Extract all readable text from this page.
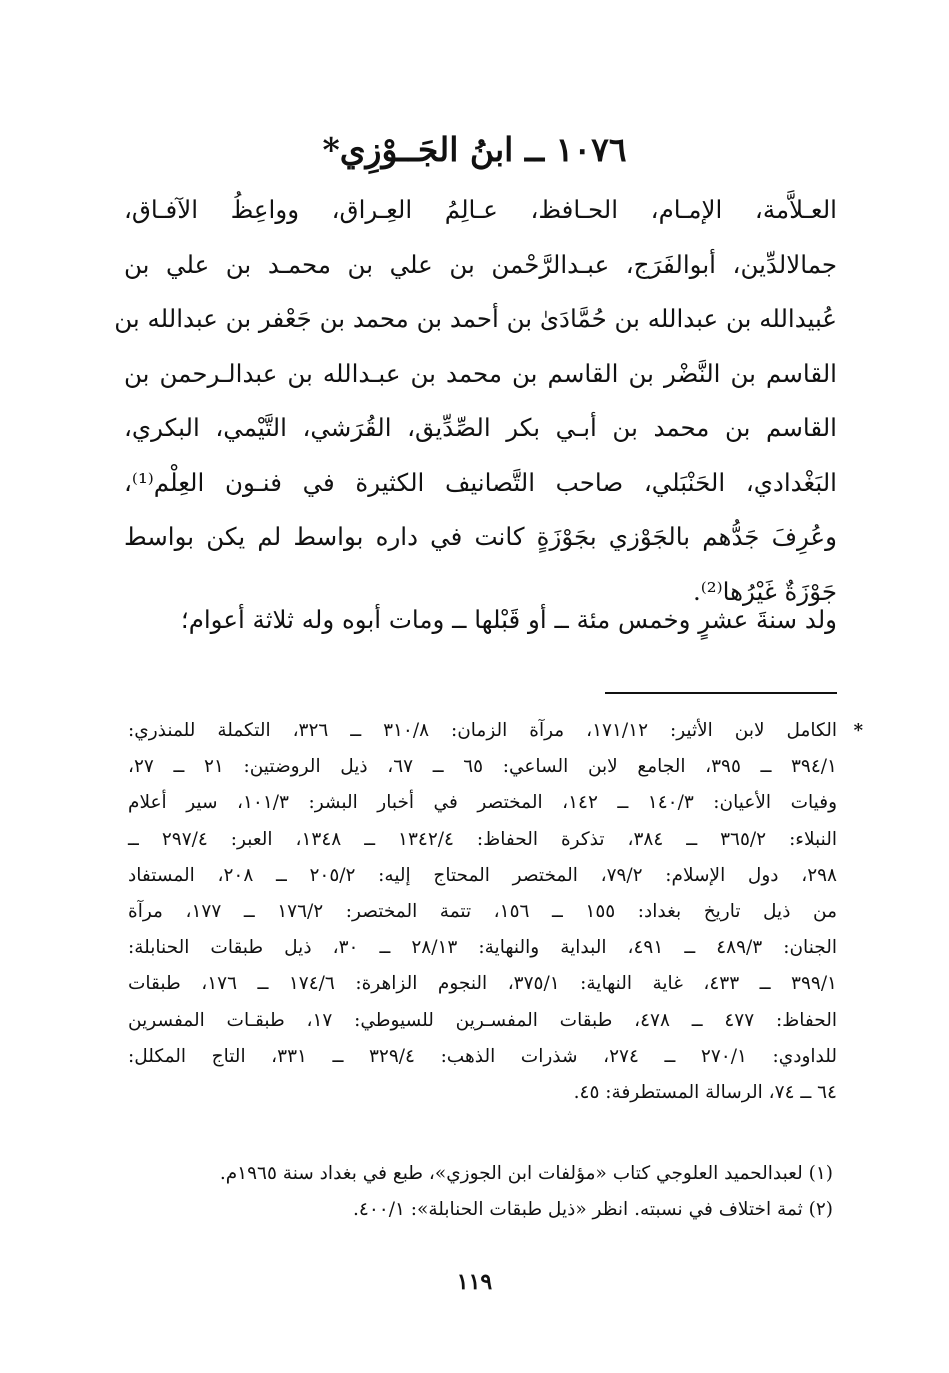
١٠٧٦ ــ ابنُ الجَــوْزِي*
العـلاَّمة، الإمـام، الحـافظ، عـالِمُ العِـراق، وواعِظُ الآفـاق،
جمالالدِّين، أبوالفَرَج، عبـدالرَّحْمن بن علي بن محمـد بن علي بن
عُبيدالله بن عبدالله بن حُمَّادَىٰ بن أحمد بن محمد بن جَعْفر بن عبدالله بن
القاسم بن النَّضْر بن القاسم بن محمد بن عبـدالله بن عبدالـرحمن بن
القاسم بن محمد بن أبـي بكر الصِّدِّيق، القُرَشي، التَّيْمي، البكري،
البَغْدادي، الحَنْبَلي، صاحب التَّصانيف الكثيرة في فنـون العِلْم⁽¹⁾،
وعُرِفَ جَدُّهم بالجَوْزي بجَوْزَةٍ كانت في داره بواسط لم يكن بواسط
جَوْزَةٌ غَيْرُها⁽²⁾.

ولد سنةَ عشرٍ وخمس مئة ــ أو قَبْلها ــ ومات أبوه وله ثلاثة أعوام؛

*
الكامل لابن الأثير: ١٧١/١٢، مرآة الزمان: ٣١٠/٨ ــ ٣٢٦، التكملة للمنذري:
٣٩٤/١ ــ ٣٩٥، الجامع لابن الساعي: ٦٥ ــ ٦٧، ذيل الروضتين: ٢١ ــ ٢٧،
وفيات الأعيان: ١٤٠/٣ ــ ١٤٢، المختصر في أخبار البشر: ١٠١/٣، سير أعلام
النبلاء: ٣٦٥/٢ ــ ٣٨٤، تذكرة الحفاظ: ١٣٤٢/٤ ــ ١٣٤٨، العبر: ٢٩٧/٤ ــ
٢٩٨، دول الإسلام: ٧٩/٢، المختصر المحتاج إليه: ٢٠٥/٢ ــ ٢٠٨، المستفاد
من ذيل تاريخ بغداد: ١٥٥ ــ ١٥٦، تتمة المختصر: ١٧٦/٢ ــ ١٧٧، مرآة
الجنان: ٤٨٩/٣ ــ ٤٩١، البداية والنهاية: ٢٨/١٣ ــ ٣٠، ذيل طبقات الحنابلة:
٣٩٩/١ ــ ٤٣٣، غاية النهاية: ٣٧٥/١، النجوم الزاهرة: ١٧٤/٦ ــ ١٧٦، طبقات
الحفاظ: ٤٧٧ ــ ٤٧٨، طبقات المفسـرين للسيوطي: ١٧، طبقـات المفسرين
للداودي: ٢٧٠/١ ــ ٢٧٤، شذرات الذهب: ٣٢٩/٤ ــ ٣٣١، التاج المكلل:
٦٤ ــ ٧٤، الرسالة المستطرفة: ٤٥.
(١) لعبدالحميد العلوجي كتاب «مؤلفات ابن الجوزي»، طبع في بغداد سنة ١٩٦٥م.
(٢) ثمة اختلاف في نسبته. انظر «ذيل طبقات الحنابلة»: ٤٠٠/١.
١١٩
